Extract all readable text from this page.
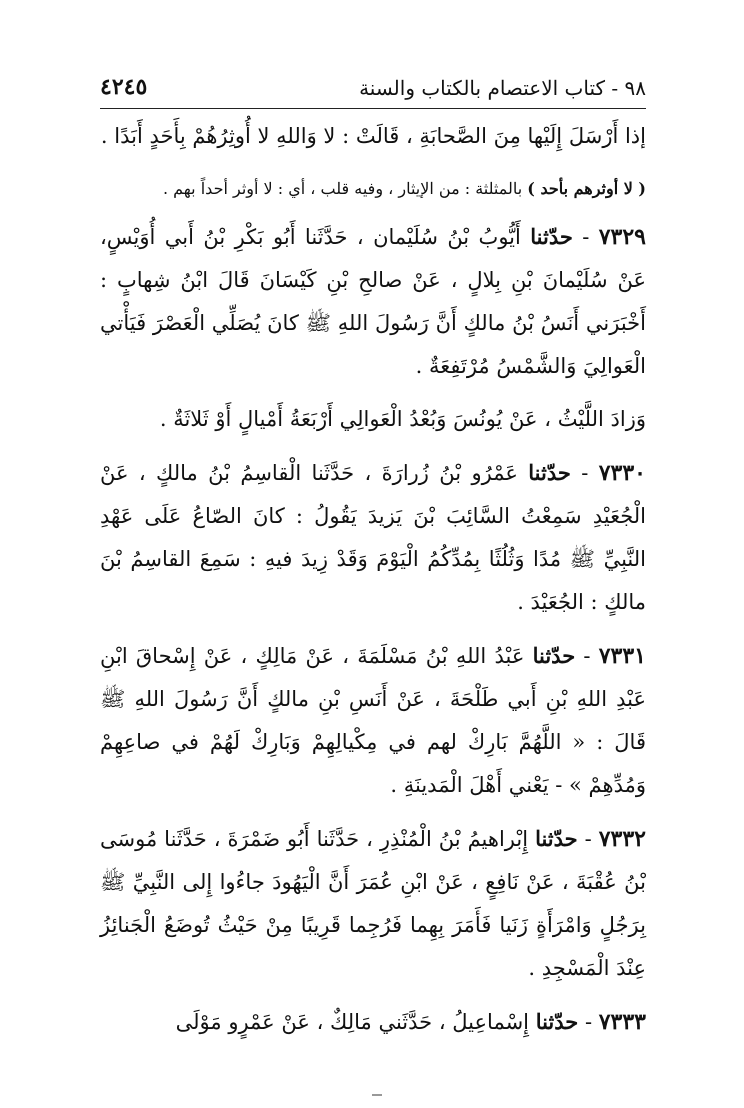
٩٨ - كتاب الاعتصام بالكتاب والسنة
٤٢٤٥

إذا أَرْسَلَ إِلَيْها مِنَ الصَّحابَةِ ، قَالَتْ : لا وَاللهِ لا أُوثِرُهُمْ بِأَحَدٍ أَبَدًا .

( لا أوثرهم بأحد ) بالمثلثة : من الإيثار ، وفيه قلب ، أي : لا أوثر أحداً بهم .

٧٣٢٩ - حدّثنا أَيُّوبُ بْنُ سُلَيْمان ، حَدَّثَنا أَبُو بَكْرِ بْنُ أَبي أُوَيْسٍ، عَنْ سُلَيْمانَ بْنِ بِلالٍ ، عَنْ صالحِ بْنِ كَيْسَانَ قَالَ ابْنُ شِهابٍ : أَخْبَرَني أَنَسُ بْنُ مالكٍ أَنَّ رَسُولَ اللهِ ﷺ كانَ يُصَلِّي الْعَصْرَ فَيَأْتي الْعَوالِيَ وَالشَّمْسُ مُرْتَفِعَةٌ .

وَزادَ اللَّيْثُ ، عَنْ يُونُسَ وَبُعْدُ الْعَوالِي أَرْبَعَةُ أَمْيالٍ أَوْ ثَلاثَةٌ .

٧٣٣٠ - حدّثنا عَمْرُو بْنُ زُرارَةَ ، حَدَّثَنا الْقاسِمُ بْنُ مالكٍ ، عَنْ الْجُعَيْدِ سَمِعْتُ السَّائِبَ بْنَ يَزيدَ يَقُولُ : كانَ الصّاعُ عَلَى عَهْدِ النَّبِيِّ ﷺ مُدًا وَثُلُثًا بِمُدِّكُمُ الْيَوْمَ وَقَدْ زِيدَ فيهِ : سَمِعَ القاسِمُ بْنَ مالكٍ : الجُعَيْدَ .

٧٣٣١ - حدّثنا عَبْدُ اللهِ بْنُ مَسْلَمَةَ ، عَنْ مَالِكٍ ، عَنْ إِسْحاقَ ابْنِ عَبْدِ اللهِ بْنِ أَبي طَلْحَةَ ، عَنْ أَنَسِ بْنِ مالكٍ أَنَّ رَسُولَ اللهِ ﷺ قَالَ : « اللَّهُمَّ بَارِكْ لهم في مِكْيالِهِمْ وَبَارِكْ لَهُمْ في صاعِهِمْ وَمُدِّهِمْ » - يَعْني أَهْلَ الْمَدينَةِ .

٧٣٣٢ - حدّثنا إِبْراهيمُ بْنُ الْمُنْذِرِ ، حَدَّثَنا أَبُو ضَمْرَةَ ، حَدَّثَنا مُوسَى بْنُ عُقْبَةَ ، عَنْ نَافِعٍ ، عَنْ ابْنِ عُمَرَ أَنَّ الْيَهُودَ جاءُوا إِلى النَّبِيِّ ﷺ بِرَجُلٍ وَامْرَأَةٍ زَنَيا فَأَمَرَ بِهِما فَرُجِما قَرِيبًا مِنْ حَيْثُ تُوضَعُ الْجَنائِزُ عِنْدَ الْمَسْجِدِ .

٧٣٣٣ - حدّثنا إِسْماعِيلُ ، حَدَّثَني مَالِكٌ ، عَنْ عَمْرٍو مَوْلَى
